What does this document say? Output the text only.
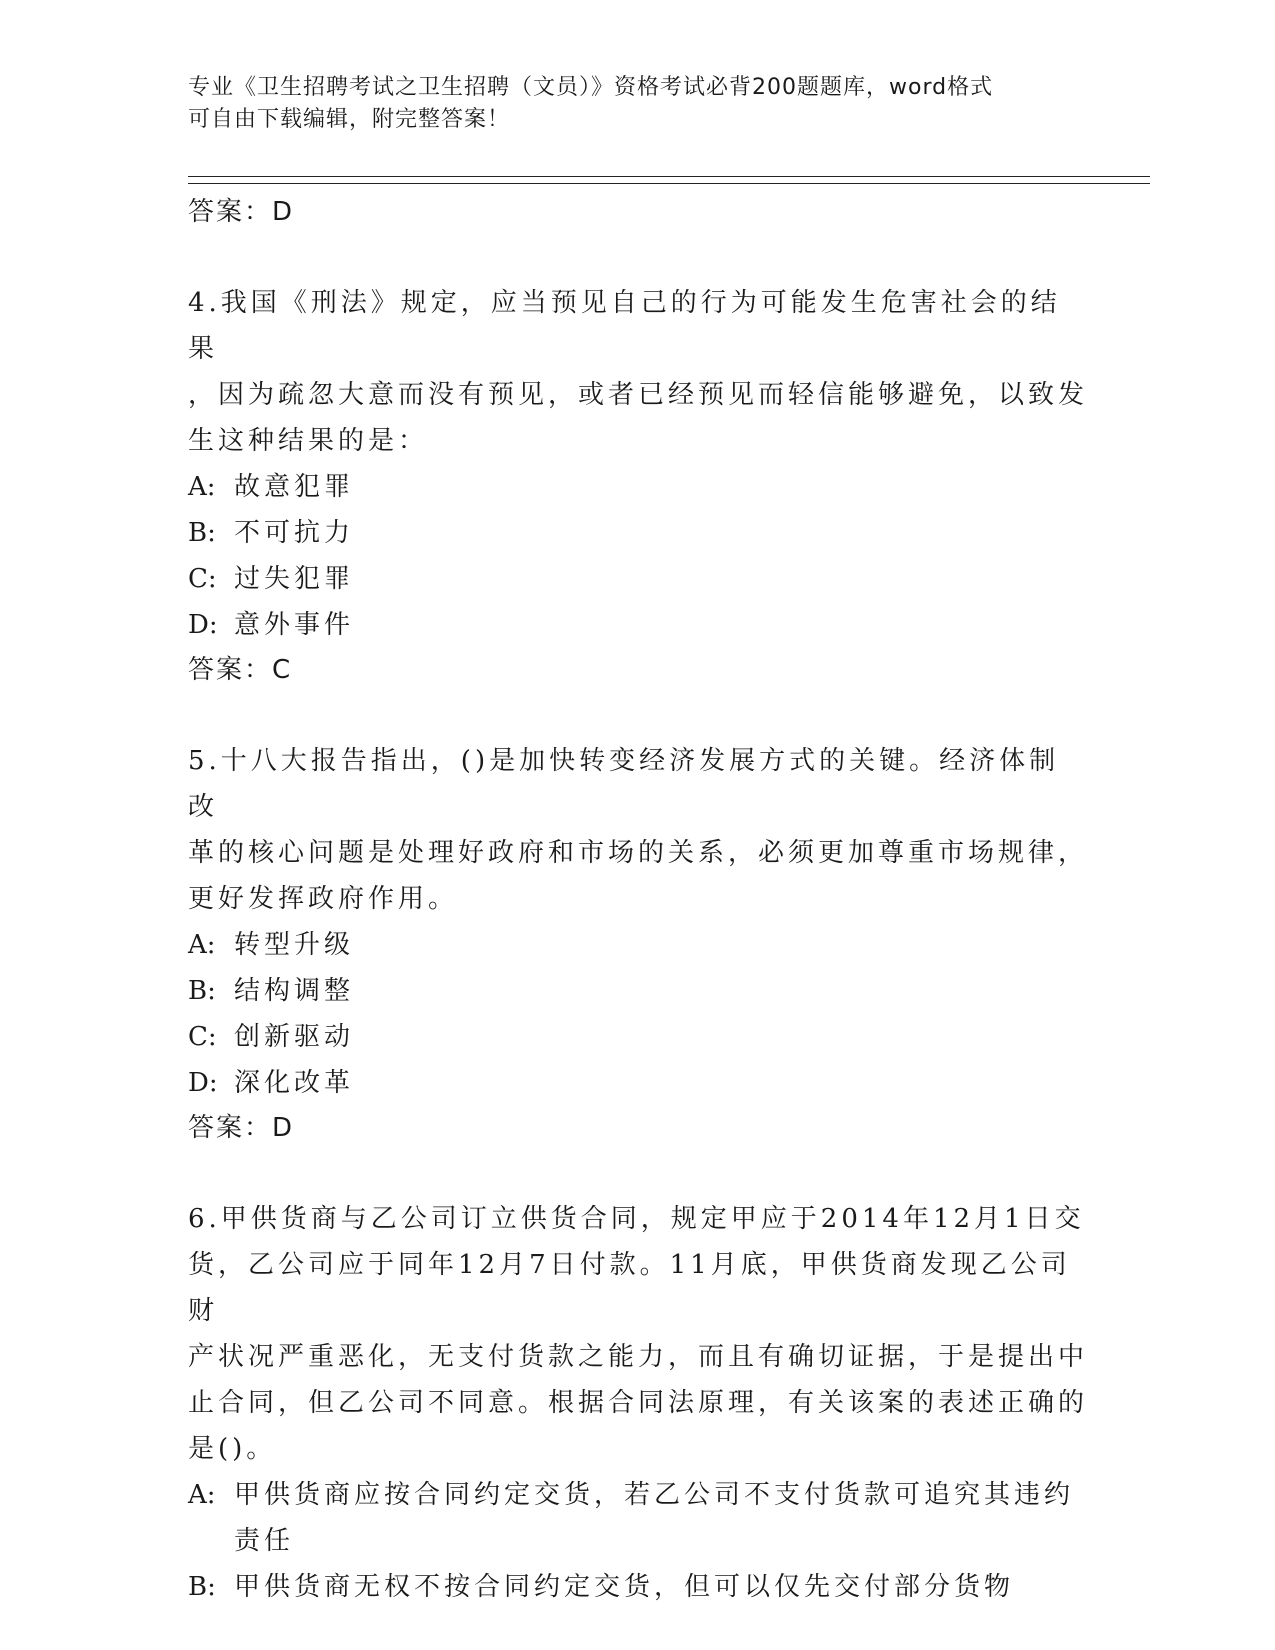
专业《卫生招聘考试之卫生招聘（文员）》资格考试必背200题题库，word格式
可自由下载编辑，附完整答案！

答案：D

4.我国《刑法》规定，应当预见自己的行为可能发生危害社会的结果

，因为疏忽大意而没有预见，或者已经预见而轻信能够避免，以致发

生这种结果的是：

A: 故意犯罪
B: 不可抗力
C: 过失犯罪
D: 意外事件

答案：C

5.十八大报告指出，()是加快转变经济发展方式的关键。经济体制改

革的核心问题是处理好政府和市场的关系，必须更加尊重市场规律，

更好发挥政府作用。

A: 转型升级
B: 结构调整
C: 创新驱动
D: 深化改革

答案：D

6.甲供货商与乙公司订立供货合同，规定甲应于2014年12月1日交

货，乙公司应于同年12月7日付款。11月底，甲供货商发现乙公司财

产状况严重恶化，无支付货款之能力，而且有确切证据，于是提出中

止合同，但乙公司不同意。根据合同法原理，有关该案的表述正确的

是()。

A: 甲供货商应按合同约定交货，若乙公司不支付货款可追究其违约责任
B: 甲供货商无权不按合同约定交货，但可以仅先交付部分货物
